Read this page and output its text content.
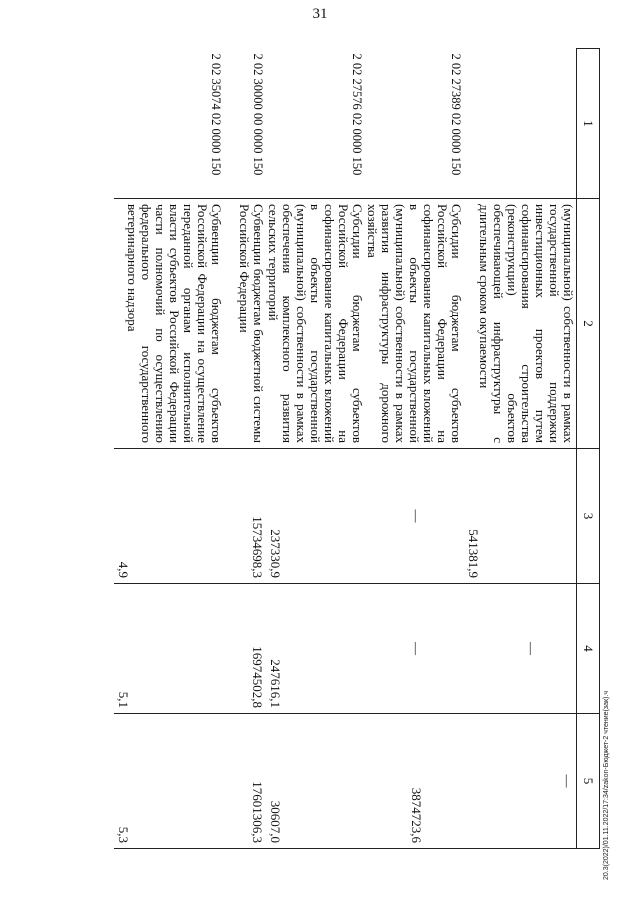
31
1	2	3	4	5
	(муниципальной) собственности в рамках государственной поддержки инвестиционных проектов путем софинансирования строительства (реконструкции) объектов обеспечивающей инфраструктуры с длительным сроком окупаемости	541381,9	—	—
2 02 27389 02 0000 150	Субсидии бюджетам субъектов Российской Федерации на софинансирование капитальных вложений в объекты государственной (муниципальной) собственности в рамках развития инфраструктуры дорожного хозяйства	—	—	3874723,6
2 02 27576 02 0000 150	Субсидии бюджетам субъектов Российской Федерации на софинансирование капитальных вложений в объекты государственной (муниципальной) собственности в рамках обеспечения комплексного развития сельских территорий	237330,9	247616,1	30607,0
2 02 30000 00 0000 150	Субвенции бюджетам бюджетной системы Российской Федерации	15734698,3	16974502,8	17601306,3
2 02 35074 02 0000 150	Субвенции бюджетам субъектов Российской Федерации на осуществление переданной органам исполнительной власти субъектов Российской Федерации части полномочий по осуществлению федерального государственного ветеринарного надзора	4,9	5,1	5,3	20.3(2022)/01.11.2022/17:34/zakon-Бюджет-2 чтение(зак).ч
